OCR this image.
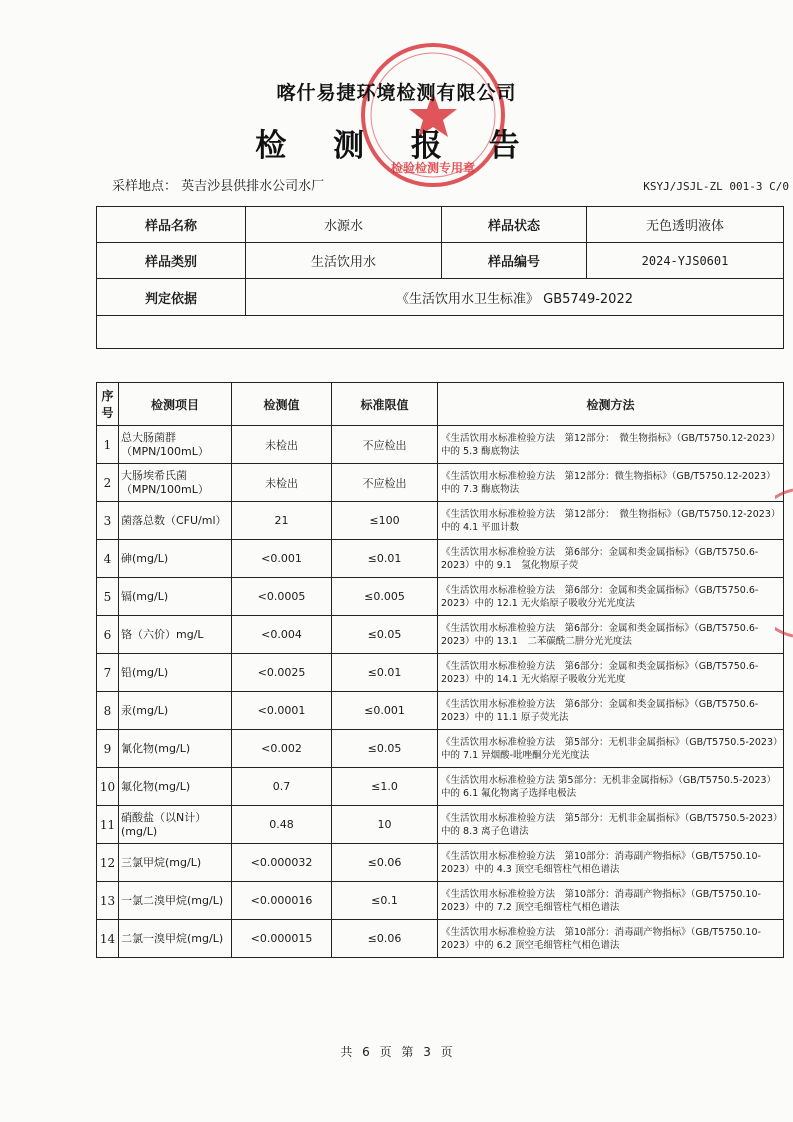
检验检测专用章
喀什易捷环境检测有限公司
检 测 报 告
采样地点： 英吉沙县供排水公司水厂	KSYJ/JSJL-ZL 001-3 C/0
样品名称	水源水	样品状态	无色透明液体
样品类别	生活饮用水	样品编号	2024-YJS0601
判定依据	《生活饮用水卫生标准》 GB5749-2022		

序号	检测项目	检测值	标准限值	检测方法
1	总大肠菌群（MPN/100mL）	未检出	不应检出	《生活饮用水标准检验方法　第12部分：　微生物指标》（GB/T5750.12-2023）中的 5.3 酶底物法
2	大肠埃希氏菌（MPN/100mL）	未检出	不应检出	《生活饮用水标准检验方法　第12部分：微生物指标》（GB/T5750.12-2023）中的 7.3 酶底物法
3	菌落总数（CFU/ml）	21	≤100	《生活饮用水标准检验方法　第12部分：　微生物指标》（GB/T5750.12-2023）中的 4.1 平皿计数
4	砷(mg/L)	<0.001	≤0.01	《生活饮用水标准检验方法　第6部分：金属和类金属指标》（GB/T5750.6-2023）中的 9.1　氢化物原子荧
5	镉(mg/L)	<0.0005	≤0.005	《生活饮用水标准检验方法　第6部分：金属和类金属指标》（GB/T5750.6-2023）中的 12.1 无火焰原子吸收分光光度法
6	铬（六价）mg/L	<0.004	≤0.05	《生活饮用水标准检验方法　第6部分：金属和类金属指标》（GB/T5750.6-2023）中的 13.1　二苯碳酰二肼分光光度法
7	铅(mg/L)	<0.0025	≤0.01	《生活饮用水标准检验方法　第6部分：金属和类金属指标》（GB/T5750.6-2023）中的 14.1 无火焰原子吸收分光光度
8	汞(mg/L)	<0.0001	≤0.001	《生活饮用水标准检验方法　第6部分：金属和类金属指标》（GB/T5750.6-2023）中的 11.1 原子荧光法
9	氰化物(mg/L)	<0.002	≤0.05	《生活饮用水标准检验方法　第5部分：无机非金属指标》（GB/T5750.5-2023）中的 7.1 异烟酸-吡唑酮分光光度法
10	氟化物(mg/L)	0.7	≤1.0	《生活饮用水标准检验方法 第5部分：无机非金属指标》（GB/T5750.5-2023）中的 6.1 氟化物离子选择电极法
11	硝酸盐（以N计）(mg/L)	0.48	10	《生活饮用水标准检验方法　第5部分：无机非金属指标》（GB/T5750.5-2023）中的 8.3 离子色谱法
12	三氯甲烷(mg/L)	<0.000032	≤0.06	《生活饮用水标准检验方法　第10部分：消毒副产物指标》（GB/T5750.10-2023）中的 4.3 顶空毛细管柱气相色谱法
13	一氯二溴甲烷(mg/L)	<0.000016	≤0.1	《生活饮用水标准检验方法　第10部分：消毒副产物指标》（GB/T5750.10-2023）中的 7.2 顶空毛细管柱气相色谱法
14	二氯一溴甲烷(mg/L)	<0.000015	≤0.06	《生活饮用水标准检验方法　第10部分：消毒副产物指标》（GB/T5750.10-2023）中的 6.2 顶空毛细管柱气相色谱法
共 6 页 第 3 页
